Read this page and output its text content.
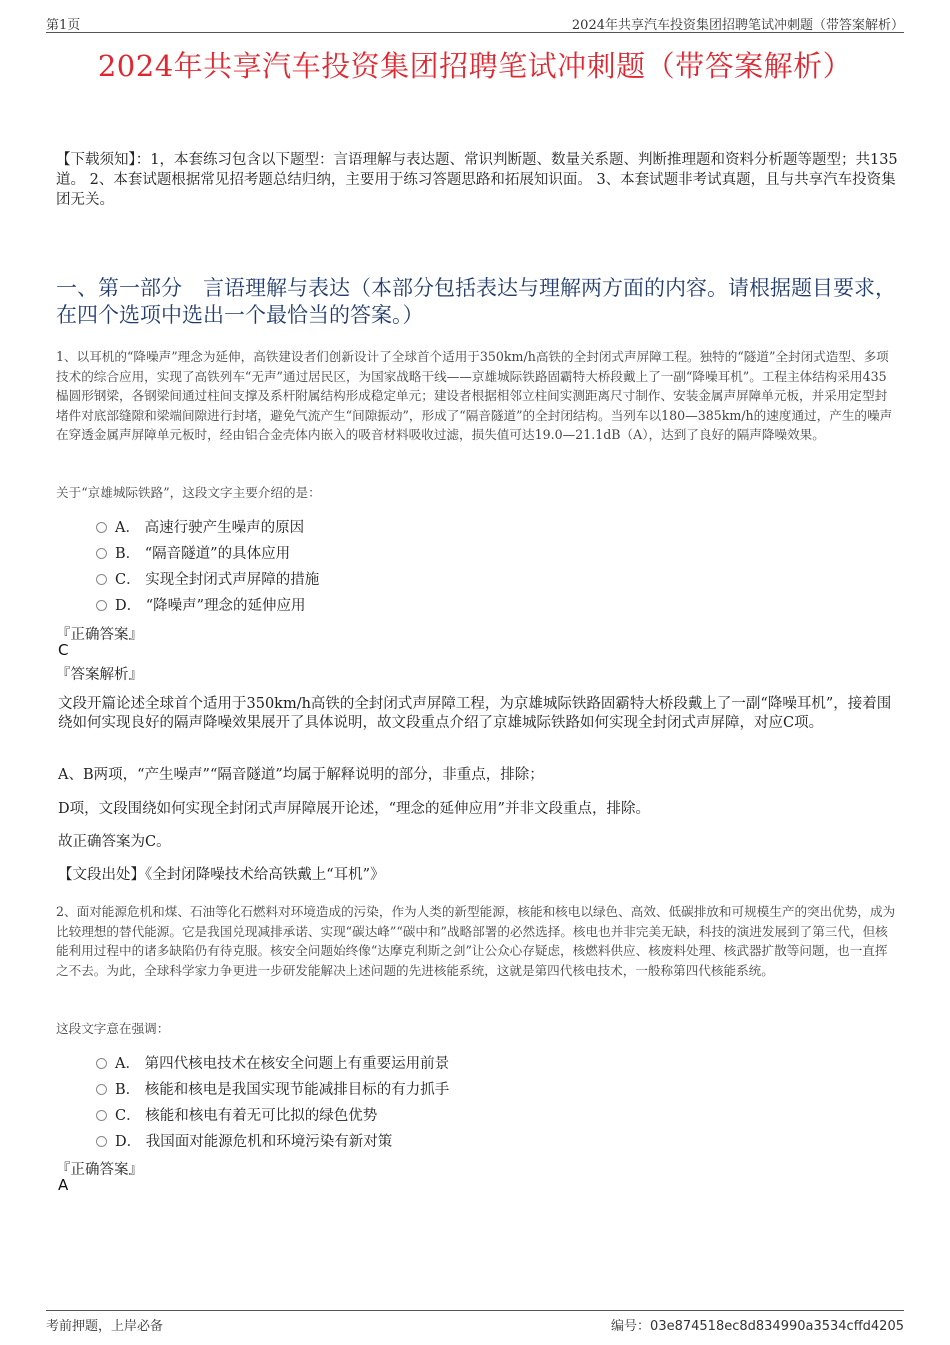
第1页	2024年共享汽车投资集团招聘笔试冲刺题（带答案解析）
2024年共享汽车投资集团招聘笔试冲刺题（带答案解析）
【下载须知】：1，本套练习包含以下题型：言语理解与表达题、常识判断题、数量关系题、判断推理题和资料分析题等题型；共135道。 2、本套试题根据常见招考题总结归纳，主要用于练习答题思路和拓展知识面。 3、本套试题非考试真题，且与共享汽车投资集团无关。
一、第一部分　言语理解与表达（本部分包括表达与理解两方面的内容。请根据题目要求，在四个选项中选出一个最恰当的答案。）
1、以耳机的“降噪声”理念为延伸，高铁建设者们创新设计了全球首个适用于350km/h高铁的全封闭式声屏障工程。独特的“隧道”全封闭式造型、多项技术的综合应用，实现了高铁列车“无声”通过居民区，为国家战略干线——京雄城际铁路固霸特大桥段戴上了一副“降噪耳机”。工程主体结构采用435榀圆形钢梁，各钢梁间通过柱间支撑及系杆附属结构形成稳定单元；建设者根据相邻立柱间实测距离尺寸制作、安装金属声屏障单元板，并采用定型封堵件对底部缝隙和梁端间隙进行封堵，避免气流产生“间隙振动”，形成了“隔音隧道”的全封闭结构。当列车以180—385km/h的速度通过，产生的噪声在穿透金属声屏障单元板时，经由铝合金壳体内嵌入的吸音材料吸收过滤，损失值可达19.0—21.1dB（A），达到了良好的隔声降噪效果。
关于“京雄城际铁路”，这段文字主要介绍的是：
A． 高速行驶产生噪声的原因
B． “隔音隧道”的具体应用
C． 实现全封闭式声屏障的措施
D． “降噪声”理念的延伸应用
『正确答案』
C
『答案解析』
文段开篇论述全球首个适用于350km/h高铁的全封闭式声屏障工程，为京雄城际铁路固霸特大桥段戴上了一副“降噪耳机”，接着围绕如何实现良好的隔声降噪效果展开了具体说明，故文段重点介绍了京雄城际铁路如何实现全封闭式声屏障，对应C项。
A、B两项，“产生噪声”“隔音隧道”均属于解释说明的部分，非重点，排除；
D项，文段围绕如何实现全封闭式声屏障展开论述，“理念的延伸应用”并非文段重点，排除。
故正确答案为C。
【文段出处】《全封闭降噪技术给高铁戴上“耳机”》
2、面对能源危机和煤、石油等化石燃料对环境造成的污染，作为人类的新型能源，核能和核电以绿色、高效、低碳排放和可规模生产的突出优势，成为比较理想的替代能源。它是我国兑现减排承诺、实现“碳达峰”“碳中和”战略部署的必然选择。核电也并非完美无缺，科技的演进发展到了第三代，但核能利用过程中的诸多缺陷仍有待克服。核安全问题始终像“达摩克利斯之剑”让公众心存疑虑，核燃料供应、核废料处理、核武器扩散等问题，也一直挥之不去。为此，全球科学家力争更进一步研发能解决上述问题的先进核能系统，这就是第四代核电技术，一般称第四代核能系统。
这段文字意在强调：
A． 第四代核电技术在核安全问题上有重要运用前景
B． 核能和核电是我国实现节能减排目标的有力抓手
C． 核能和核电有着无可比拟的绿色优势
D． 我国面对能源危机和环境污染有新对策
『正确答案』
A
考前押题，上岸必备	编号：03e874518ec8d834990a3534cffd4205
